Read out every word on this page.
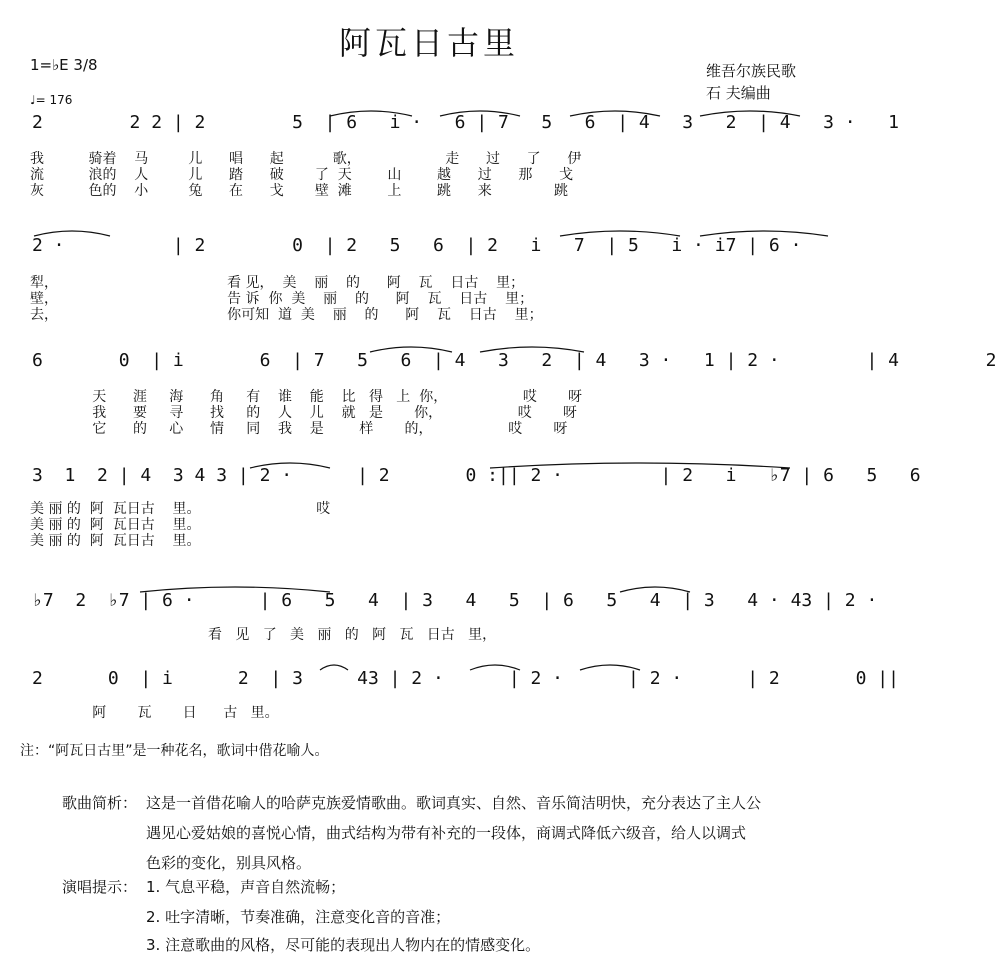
阿瓦日古里
维吾尔族民歌
石 夫编曲
1=♭E 3/8
♩= 176
2        2 2 | 2        5  | 6   i ·   6 | 7   5   6  | 4   3   2  | 4   3 ·   1
我          骑着    马         儿      唱      起           歌，                   走      过      了      伊
流          浪的    人         儿      踏      破       了  天        山        越      过      那      戈
灰          色的    小         兔      在      戈       壁  滩        上        跳      来              跳
2 ·          | 2        0  | 2   5   6  | 2   i   7  | 5   i · i7 | 6 ·
犁，                                      看 见，  美    丽    的      阿    瓦    日古    里；
壁，                                      告 诉  你  美    丽    的      阿    瓦    日古    里；
去，                                      你可知  道  美    丽    的      阿    瓦    日古    里；
6       0  | i       6  | 7   5   6  | 4   3   2  | 4   3 ·   1 | 2 ·        | 4        2
天      涯     海      角     有    谁    能    比   得   上  你，                 哎       呀
我      要     寻      找     的    人    儿    就   是       你，                 哎       呀
它      的     心      情     同    我    是        样       的，                 哎       呀
3  1  2 | 4  3 4 3 | 2 ·      | 2       0 :|| 2 ·         | 2   i   ♭7 | 6   5   6
美 丽 的  阿  瓦日古    里。                          哎
美 丽 的  阿  瓦日古    里。
美 丽 的  阿  瓦日古    里。
♭7  2  ♭7 | 6 ·      | 6   5   4  | 3   4   5  | 6   5   4  | 3   4 · 43 | 2 ·
看   见   了   美   丽   的   阿   瓦   日古   里，
2      0  | i      2  | 3     43 | 2 ·      | 2 ·      | 2 ·      | 2       0 ||
阿       瓦       日      古   里。
注：“阿瓦日古里”是一种花名，歌词中借花喻人。
歌曲简析： 这是一首借花喻人的哈萨克族爱情歌曲。歌词真实、自然、音乐简洁明快，充分表达了主人公
遇见心爱姑娘的喜悦心情，曲式结构为带有补充的一段体，商调式降低六级音，给人以调式
色彩的变化，别具风格。
演唱提示： 1. 气息平稳，声音自然流畅；
2. 吐字清晰，节奏准确，注意变化音的音准；
3. 注意歌曲的风格，尽可能的表现出人物内在的情感变化。
